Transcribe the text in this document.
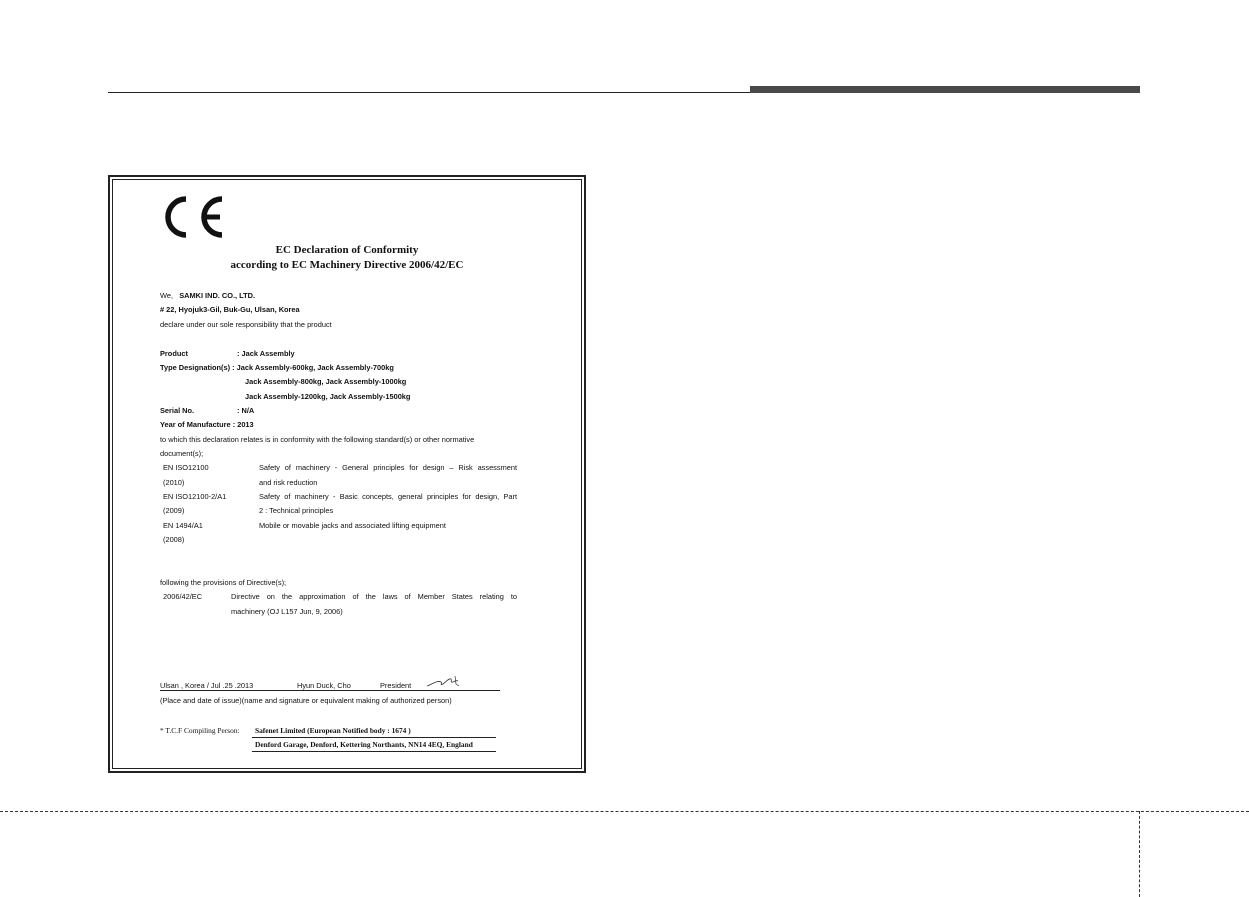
EC Declaration of Conformity
according to EC Machinery Directive 2006/42/EC
We, SAMKI IND. CO., LTD.
# 22, Hyojuk3-Gil, Buk-Gu, Ulsan, Korea
declare under our sole responsibility that the product
Product	: Jack Assembly
Type Designation(s) : Jack Assembly-600kg, Jack Assembly-700kg
Jack Assembly-800kg, Jack Assembly-1000kg
Jack Assembly-1200kg, Jack Assembly-1500kg
Serial No.	: N/A
Year of Manufacture : 2013
to which this declaration relates is in conformity with the following standard(s) or other normative
document(s);
EN ISO12100	Safety of machinery - General principles for design – Risk assessment
(2010)	and risk reduction
EN ISO12100-2/A1	Safety of machinery - Basic concepts, general principles for design, Part
(2009)	2 : Technical principles
EN 1494/A1	Mobile or movable jacks and associated lifting equipment
(2008)
following the provisions of Directive(s);
2006/42/EC	Directive on the approximation of the laws of Member States relating to
machinery (OJ L157 Jun, 9, 2006)
Ulsan , Korea / Jul .25 .2013	Hyun Duck, Cho	President
(Place and date of issue)(name and signature or equivalent making of authorized person)
* T.C.F Compiling Person: Safenet Limited (European Notified body : 1674 )
Denford Garage, Denford, Kettering Northants, NN14 4EQ, England
